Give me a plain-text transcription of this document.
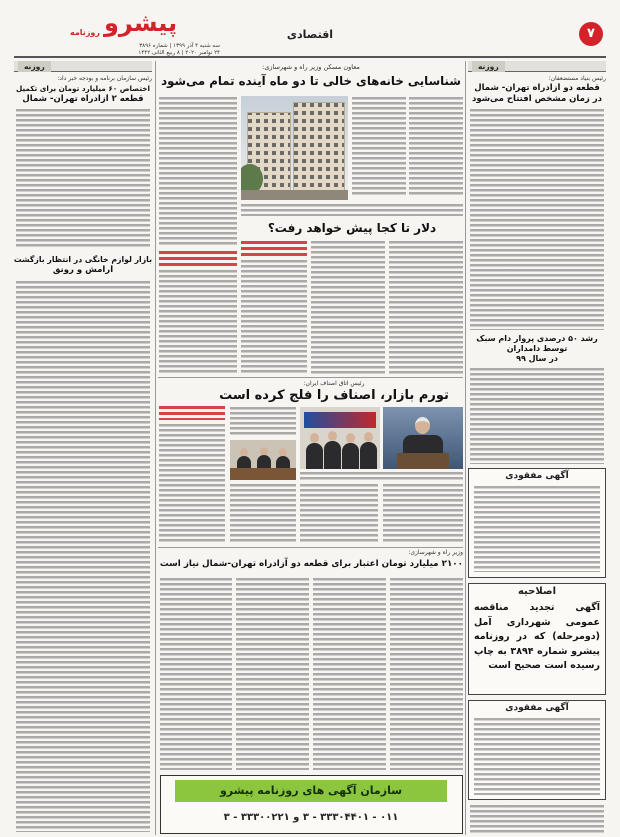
روزنامه پیشرو
سه شنبه ۴ آذر ۱۳۹۹ | شماره ۳۸۹۶
۲۴ نوامبر ۲۰۲۰ | ۸ ربیع الثانی ۱۴۴۲
اقتصادی	۷
روزنه
رئیس سازمان برنامه و بودجه خبر داد:
اختصاص ۶۰ میلیارد تومان برای تکمیل
قطعه ۲ آزادراه تهران- شمال
بازار لوازم خانگی در انتظار بازگشت
آرامش و رونق
روزنه
رئیس بنیاد مستضعفان:
قطعه دو آزادراه تهران- شمال
در زمان مشخص افتتاح می‌شود
رشد ۵۰ درصدی پروار دام سبک
توسط دامداران
در سال ۹۹
آگهی مفقودی
اصلاحیه
آگهی تجدید مناقصه عمومی شهرداری آمل (دومرحله) که در روزنامه پیشرو شماره ۳۸۹۴ به چاپ رسیده است صحیح است
آگهی مفقودی
معاون مسکن وزیر راه و شهرسازی:
شناسایی خانه‌های خالی تا دو ماه آینده تمام می‌شود
دلار تا کجا پیش خواهد رفت؟
رئیس اتاق اصناف ایران:
تورم بازار، اصناف را فلج کرده است
وزیر راه و شهرسازی:
۲۱۰۰ میلیارد تومان اعتبار برای قطعه دو آزادراه تهران-شمال نیاز است
سازمان آگهی های روزنامه پیشرو
۰۱۱ - ۳۳۳۰۴۴۰۱ - ۳ و ۳۳۳۰۰۲۲۱ - ۳
